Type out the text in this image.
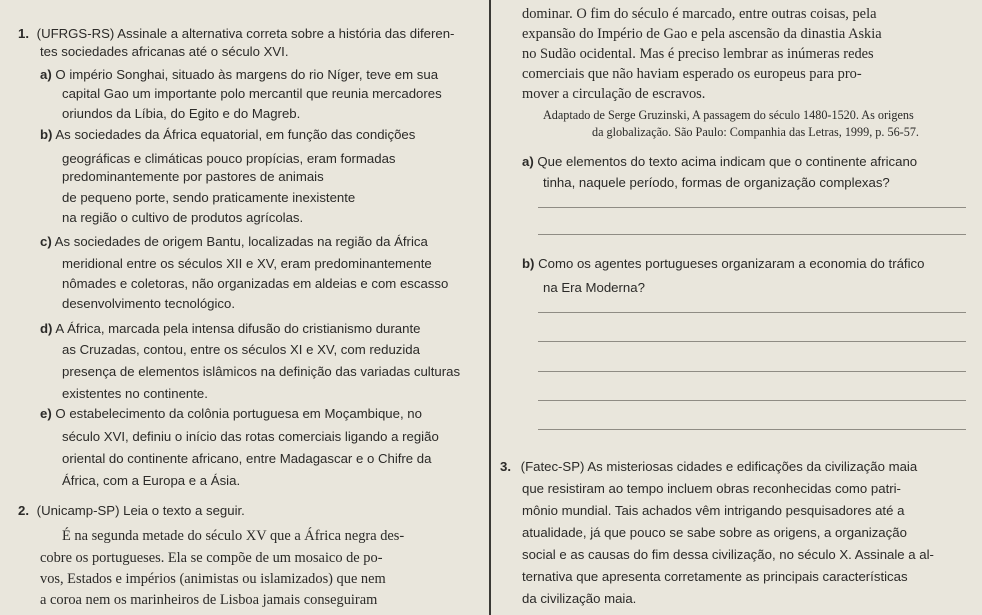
1. (UFRGS-RS) Assinale a alternativa correta sobre a história das diferen-
tes sociedades africanas até o século XVI.
a) O império Songhai, situado às margens do rio Níger, teve em sua
capital Gao um importante polo mercantil que reunia mercadores
oriundos da Líbia, do Egito e do Magreb.
b) As sociedades da África equatorial, em função das condições
geográficas e climáticas pouco propícias, eram formadas
predominantemente por pastores de animais
de pequeno porte, sendo praticamente inexistente
na região o cultivo de produtos agrícolas.
c) As sociedades de origem Bantu, localizadas na região da África
meridional entre os séculos XII e XV, eram predominantemente
nômades e coletoras, não organizadas em aldeias e com escasso
desenvolvimento tecnológico.
d) A África, marcada pela intensa difusão do cristianismo durante
as Cruzadas, contou, entre os séculos XI e XV, com reduzida
presença de elementos islâmicos na definição das variadas culturas
existentes no continente.
e) O estabelecimento da colônia portuguesa em Moçambique, no
século XVI, definiu o início das rotas comerciais ligando a região
oriental do continente africano, entre Madagascar e o Chifre da
África, com a Europa e a Ásia.
2. (Unicamp-SP) Leia o texto a seguir.
É na segunda metade do século XV que a África negra des-
cobre os portugueses. Ela se compõe de um mosaico de po-
vos, Estados e impérios (animistas ou islamizados) que nem
a coroa nem os marinheiros de Lisboa jamais conseguiram
dominar. O fim do século é marcado, entre outras coisas, pela
expansão do Império de Gao e pela ascensão da dinastia Askia
no Sudão ocidental. Mas é preciso lembrar as inúmeras redes
comerciais que não haviam esperado os europeus para pro-
mover a circulação de escravos.
Adaptado de Serge Gruzinski, A passagem do século 1480-1520. As origens
da globalização. São Paulo: Companhia das Letras, 1999, p. 56-57.
a) Que elementos do texto acima indicam que o continente africano
tinha, naquele período, formas de organização complexas?
b) Como os agentes portugueses organizaram a economia do tráfico
na Era Moderna?
3. (Fatec-SP) As misteriosas cidades e edificações da civilização maia
que resistiram ao tempo incluem obras reconhecidas como patri-
mônio mundial. Tais achados vêm intrigando pesquisadores até a
atualidade, já que pouco se sabe sobre as origens, a organização
social e as causas do fim dessa civilização, no século X. Assinale a al-
ternativa que apresenta corretamente as principais características
da civilização maia.
